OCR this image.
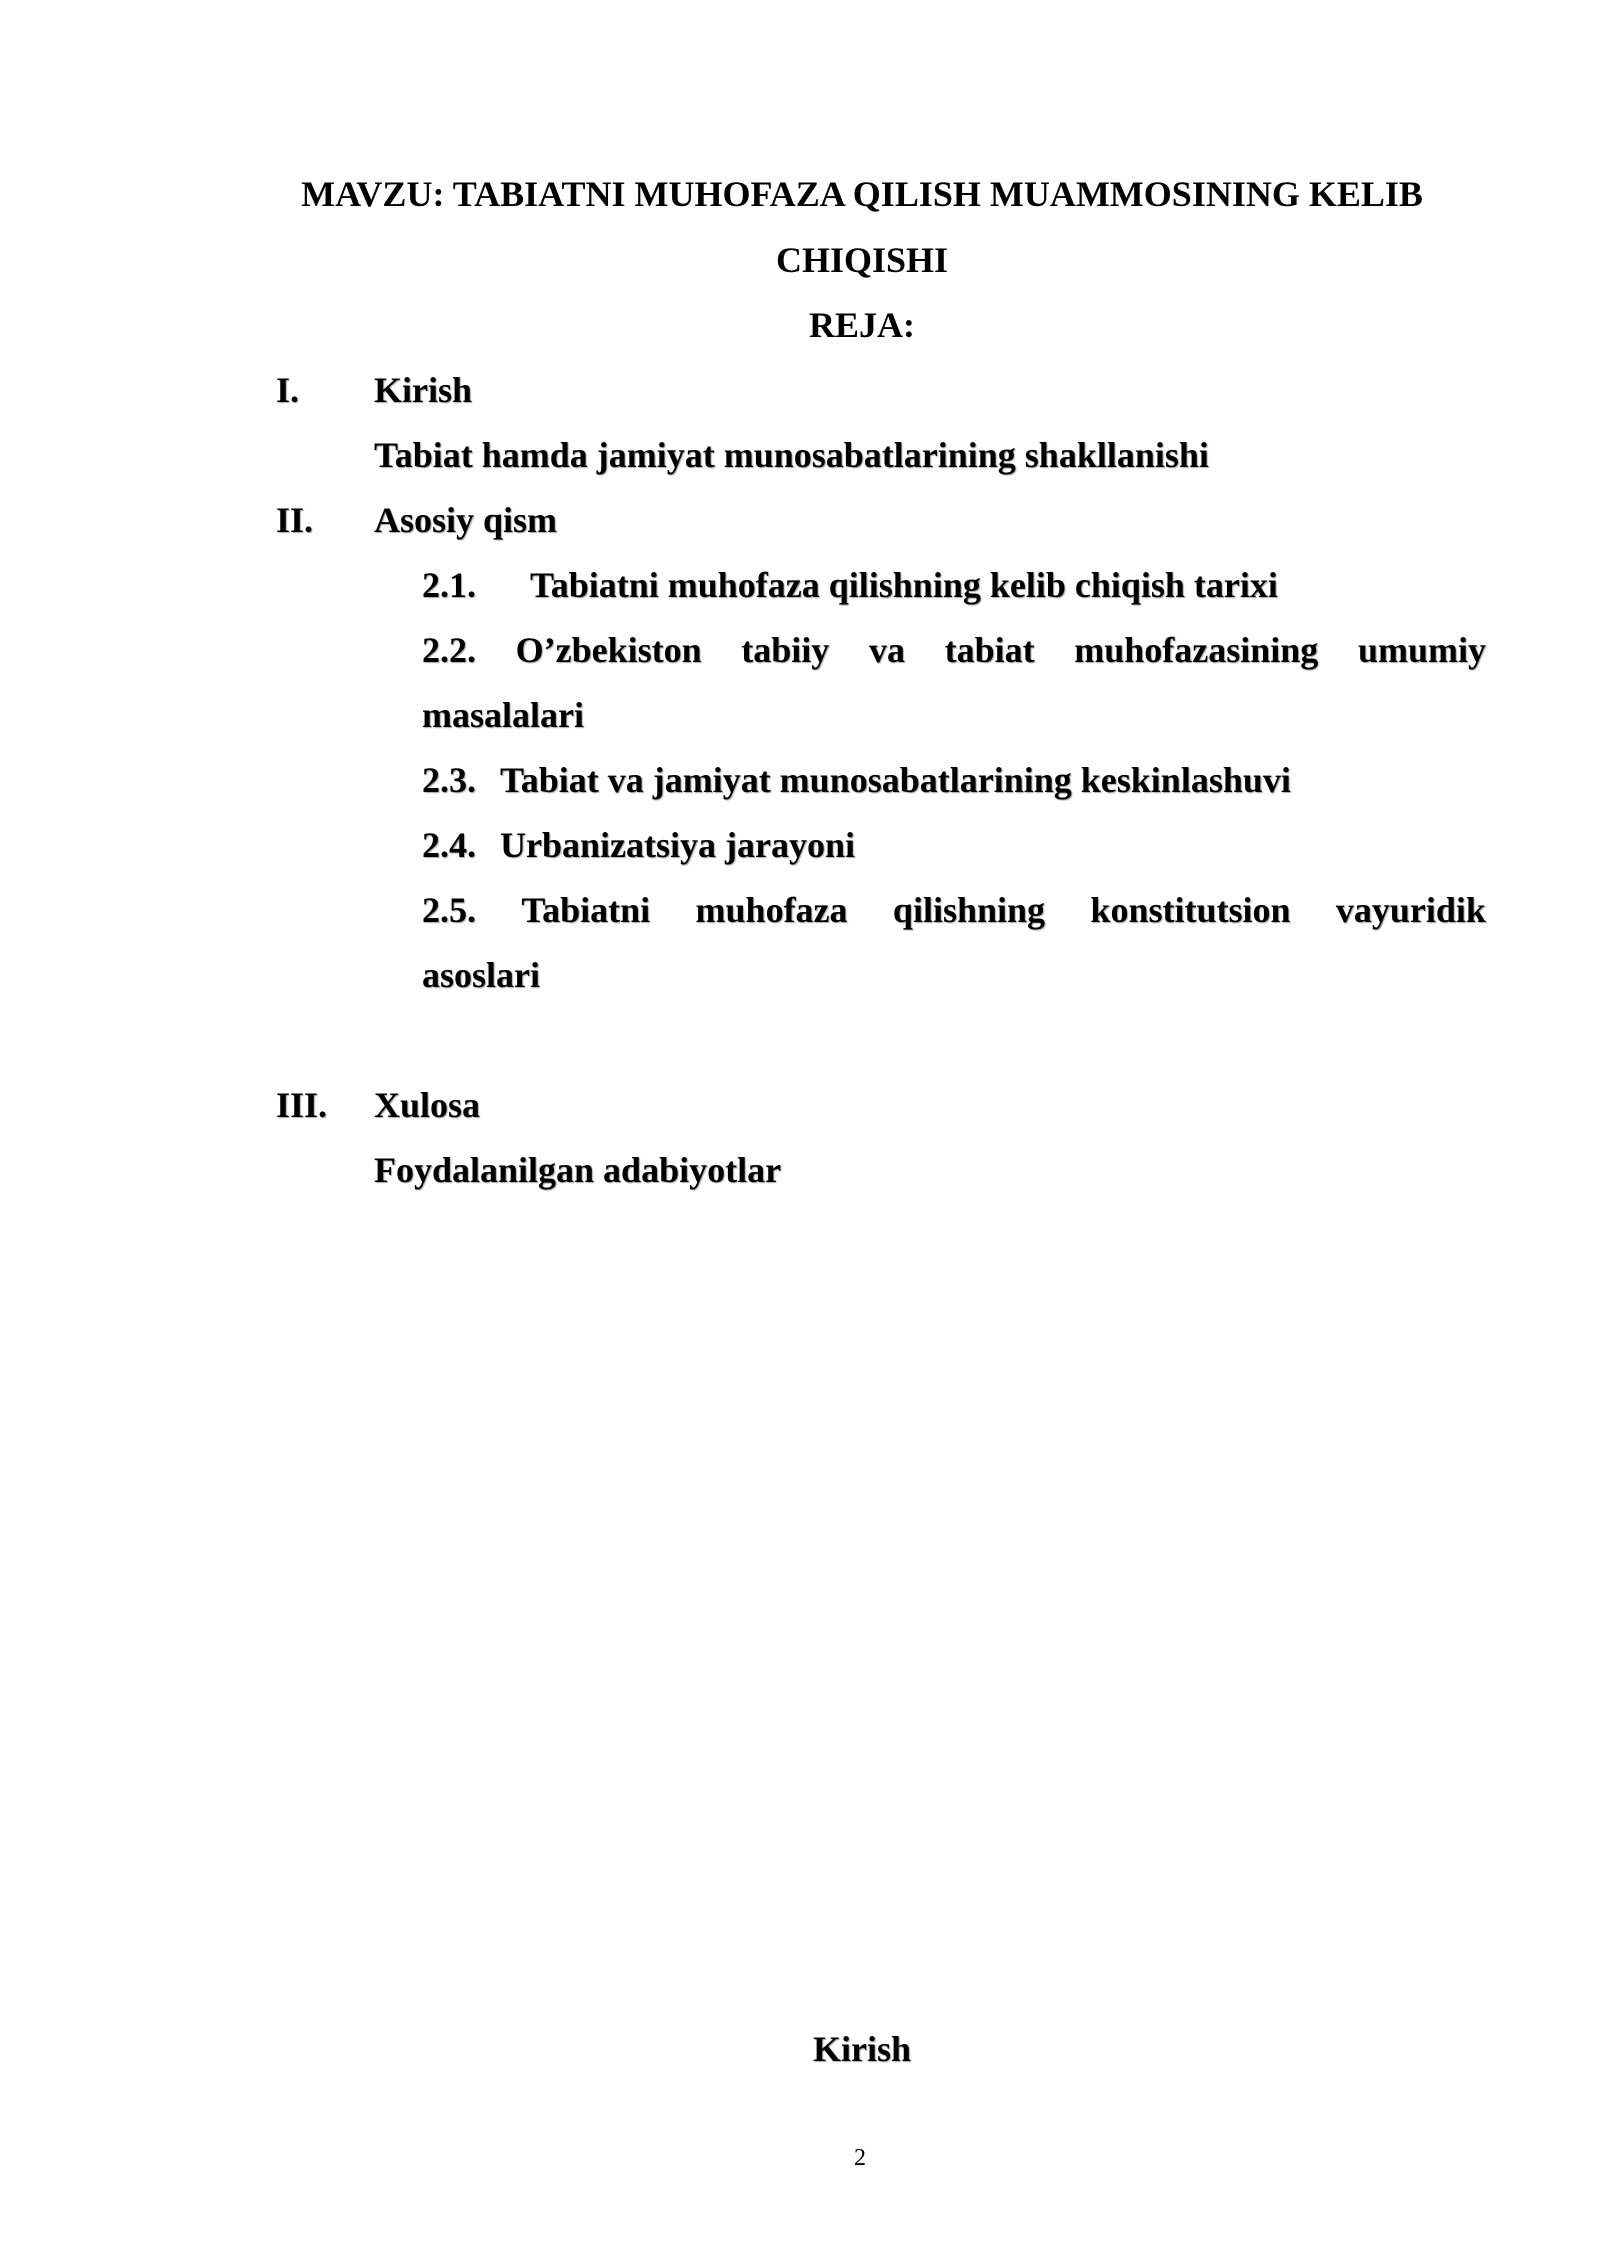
MAVZU: TABIATNI MUHOFAZA QILISH MUAMMOSINING KELIB
CHIQISHI
REJA:
I. Kirish
Tabiat hamda jamiyat munosabatlarining shakllanishi
II. Asosiy qism
2.1. Tabiatni muhofaza qilishning kelib chiqish tarixi
2.2. O’zbekiston tabiiy va tabiat muhofazasining umumiy
masalalari
2.3. Tabiat va jamiyat munosabatlarining keskinlashuvi
2.4. Urbanizatsiya jarayoni
2.5. Tabiatni muhofaza qilishning konstitutsion vayuridik
asoslari
III. Xulosa
Foydalanilgan adabiyotlar
Kirish
2
